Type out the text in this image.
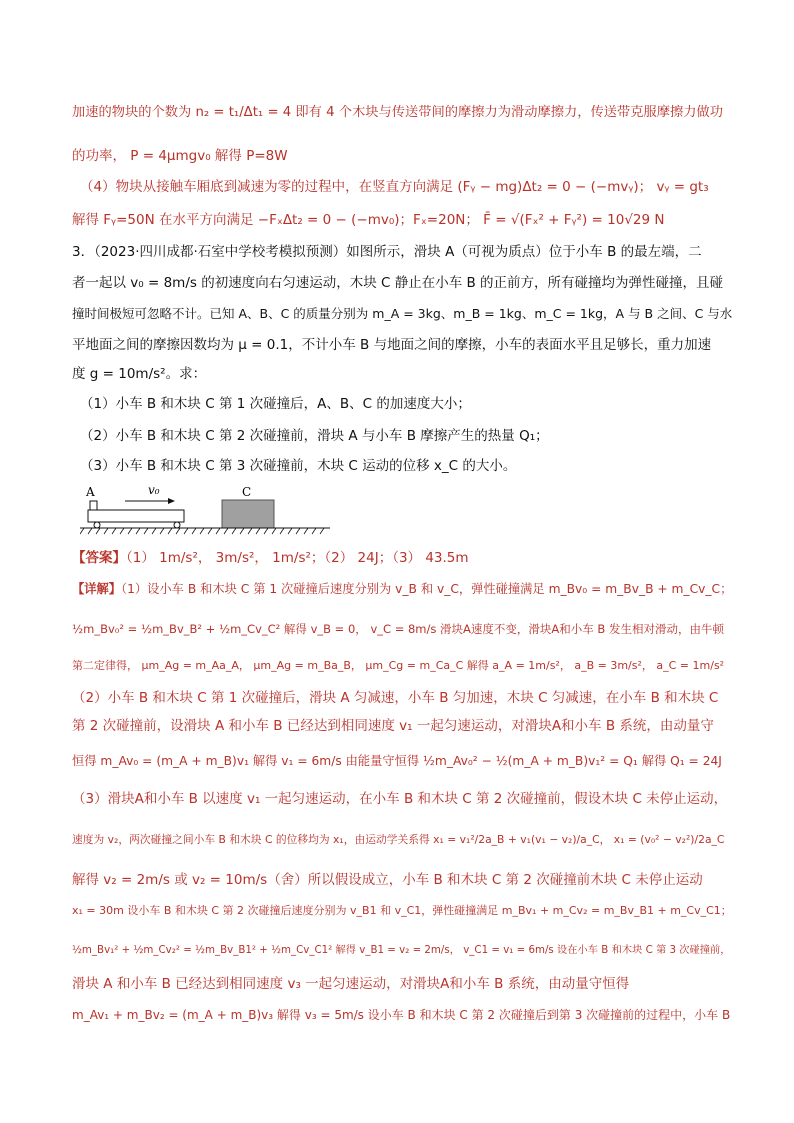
加速的物块的个数为 n₂ = t₁/Δt₁ = 4 即有 4 个木块与传送带间的摩擦力为滑动摩擦力，传送带克服摩擦力做功
的功率， P = 4μmgv₀ 解得 P=8W
（4）物块从接触车厢底到减速为零的过程中，在竖直方向满足 (Fᵧ − mg)Δt₂ = 0 − (−mvᵧ)； vᵧ = gt₃
解得 Fᵧ=50N 在水平方向满足 −FₓΔt₂ = 0 − (−mv₀)；Fₓ=20N； F̄ = √(Fₓ² + Fᵧ²) = 10√29 N
3．（2023·四川成都·石室中学校考模拟预测）如图所示，滑块 A（可视为质点）位于小车 B 的最左端，二
者一起以 v₀ = 8m/s 的初速度向右匀速运动，木块 C 静止在小车 B 的正前方，所有碰撞均为弹性碰撞，且碰
撞时间极短可忽略不计。已知 A、B、C 的质量分别为 m_A = 3kg、m_B = 1kg、m_C = 1kg，A 与 B 之间、C 与水
平地面之间的摩擦因数均为 μ = 0.1，不计小车 B 与地面之间的摩擦，小车的表面水平且足够长，重力加速
度 g = 10m/s²。求：
（1）小车 B 和木块 C 第 1 次碰撞后，A、B、C 的加速度大小；
（2）小车 B 和木块 C 第 2 次碰撞前，滑块 A 与小车 B 摩擦产生的热量 Q₁；
（3）小车 B 和木块 C 第 3 次碰撞前，木块 C 运动的位移 x_C 的大小。
A	v₀	C
【答案】（1） 1m/s²， 3m/s²， 1m/s²；（2） 24J；（3） 43.5m
【详解】（1）设小车 B 和木块 C 第 1 次碰撞后速度分别为 v_B 和 v_C，弹性碰撞满足 m_Bv₀ = m_Bv_B + m_Cv_C；
½m_Bv₀² = ½m_Bv_B² + ½m_Cv_C² 解得 v_B = 0， v_C = 8m/s 滑块A速度不变，滑块A和小车 B 发生相对滑动，由牛顿
第二定律得， μm_Ag = m_Aa_A， μm_Ag = m_Ba_B， μm_Cg = m_Ca_C 解得 a_A = 1m/s²， a_B = 3m/s²， a_C = 1m/s²
（2）小车 B 和木块 C 第 1 次碰撞后，滑块 A 匀减速，小车 B 匀加速，木块 C 匀减速，在小车 B 和木块 C
第 2 次碰撞前，设滑块 A 和小车 B 已经达到相同速度 v₁ 一起匀速运动，对滑块A和小车 B 系统，由动量守
恒得 m_Av₀ = (m_A + m_B)v₁ 解得 v₁ = 6m/s 由能量守恒得 ½m_Av₀² − ½(m_A + m_B)v₁² = Q₁ 解得 Q₁ = 24J
（3）滑块A和小车 B 以速度 v₁ 一起匀速运动，在小车 B 和木块 C 第 2 次碰撞前，假设木块 C 未停止运动，
速度为 v₂，两次碰撞之间小车 B 和木块 C 的位移均为 x₁，由运动学关系得 x₁ = v₁²/2a_B + v₁(v₁ − v₂)/a_C， x₁ = (v₀² − v₂²)/2a_C
解得 v₂ = 2m/s 或 v₂ = 10m/s（舍）所以假设成立，小车 B 和木块 C 第 2 次碰撞前木块 C 未停止运动
x₁ = 30m 设小车 B 和木块 C 第 2 次碰撞后速度分别为 v_B1 和 v_C1，弹性碰撞满足 m_Bv₁ + m_Cv₂ = m_Bv_B1 + m_Cv_C1；
½m_Bv₁² + ½m_Cv₂² = ½m_Bv_B1² + ½m_Cv_C1² 解得 v_B1 = v₂ = 2m/s， v_C1 = v₁ = 6m/s 设在小车 B 和木块 C 第 3 次碰撞前，
滑块 A 和小车 B 已经达到相同速度 v₃ 一起匀速运动，对滑块A和小车 B 系统，由动量守恒得
m_Av₁ + m_Bv₂ = (m_A + m_B)v₃ 解得 v₃ = 5m/s 设小车 B 和木块 C 第 2 次碰撞后到第 3 次碰撞前的过程中，小车 B
